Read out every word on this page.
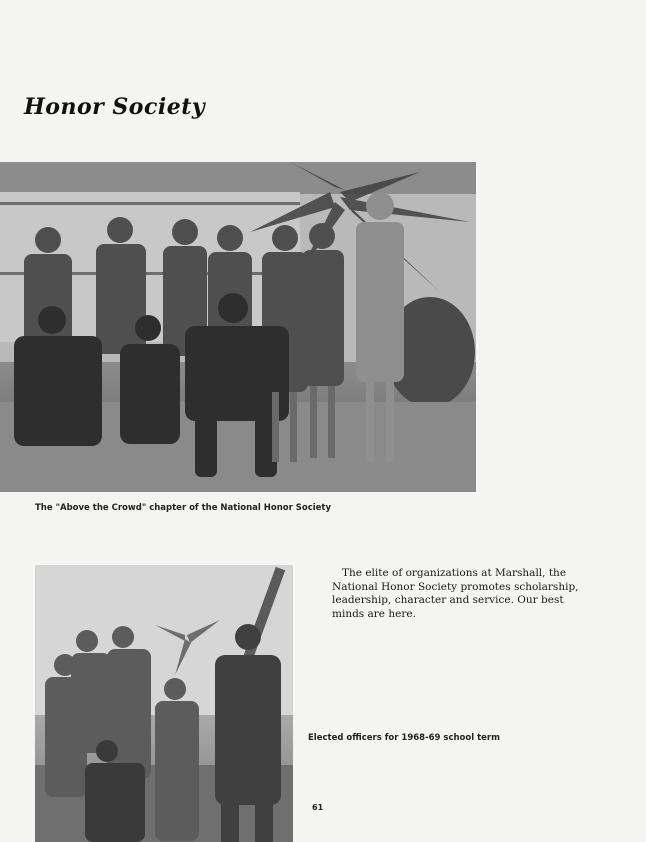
Honor Society
The "Above the Crowd" chapter of the National Honor Society
The elite of organizations at Marshall, the National Honor Society promotes scholarship, leadership, character and service. Our best minds are here.
Elected officers for 1968-69 school term
61
